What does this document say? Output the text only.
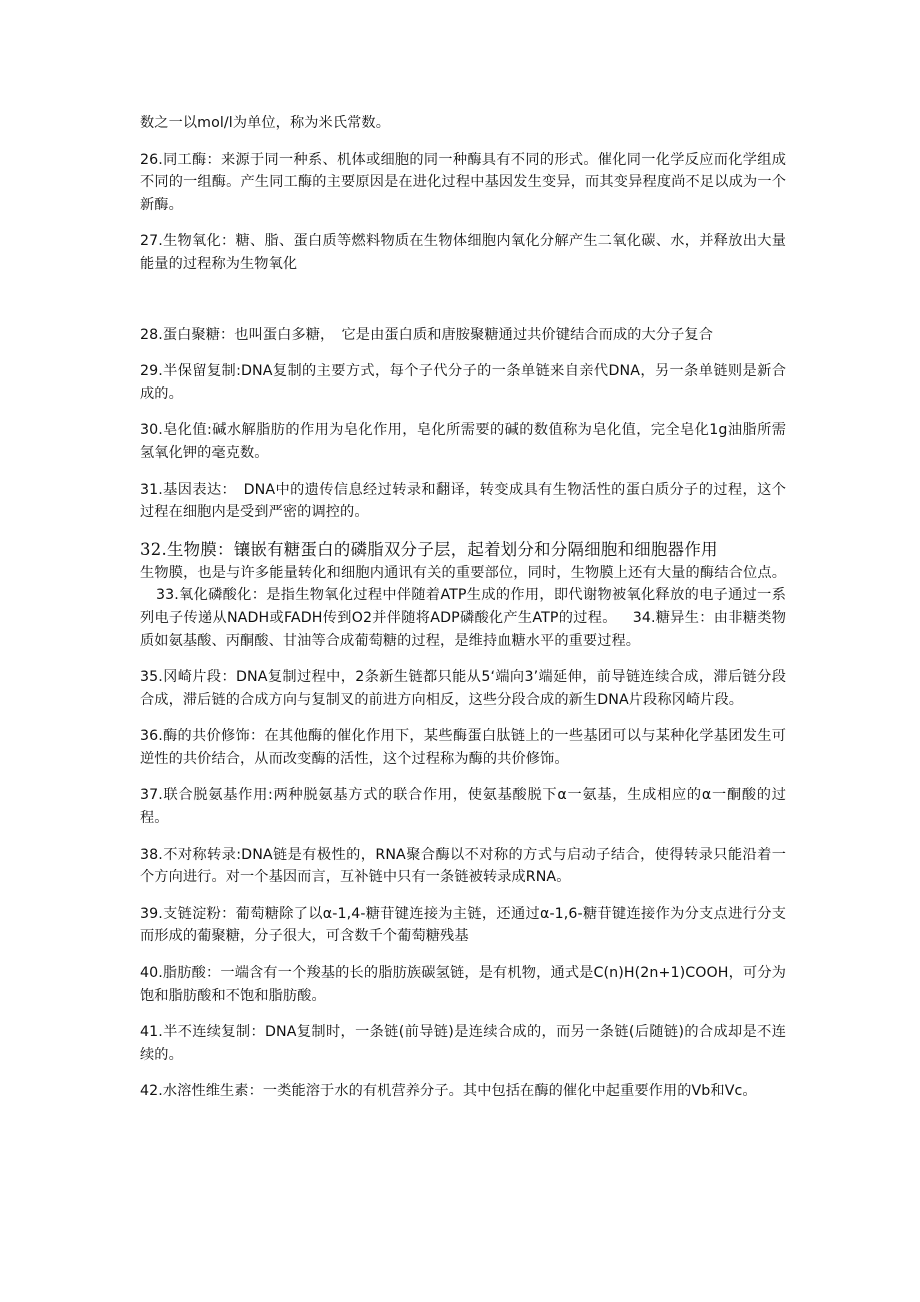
数之一以mol/l为单位，称为米氏常数。

26.同工酶：来源于同一种系、机体或细胞的同一种酶具有不同的形式。催化同一化学反应而化学组成不同的一组酶。产生同工酶的主要原因是在进化过程中基因发生变异，而其变异程度尚不足以成为一个新酶。

27.生物氧化：糖、脂、蛋白质等燃料物质在生物体细胞内氧化分解产生二氧化碳、水，并释放出大量能量的过程称为生物氧化

28.蛋白聚糖：也叫蛋白多糖，　它是由蛋白质和唐胺聚糖通过共价键结合而成的大分子复合

29.半保留复制:DNA复制的主要方式，每个子代分子的一条单链来自亲代DNA，另一条单链则是新合成的。

30.皂化值:碱水解脂肪的作用为皂化作用，皂化所需要的碱的数值称为皂化值，完全皂化1g油脂所需氢氧化钾的毫克数。

31.基因表达：　DNA中的遗传信息经过转录和翻译，转变成具有生物活性的蛋白质分子的过程，这个过程在细胞内是受到严密的调控的。

32.生物膜：镶嵌有糖蛋白的磷脂双分子层，起着划分和分隔细胞和细胞器作用
生物膜，也是与许多能量转化和细胞内通讯有关的重要部位，同时，生物膜上还有大量的酶结合位点。33.氧化磷酸化：是指生物氧化过程中伴随着ATP生成的作用，即代谢物被氧化释放的电子通过一系列电子传递从NADH或FADH传到O2并伴随将ADP磷酸化产生ATP的过程。 34.糖异生：由非糖类物质如氨基酸、丙酮酸、甘油等合成葡萄糖的过程，是维持血糖水平的重要过程。

35.冈崎片段：DNA复制过程中，2条新生链都只能从5‘端向3’端延伸，前导链连续合成，滞后链分段合成，滞后链的合成方向与复制叉的前进方向相反，这些分段合成的新生DNA片段称冈崎片段。

36.酶的共价修饰：在其他酶的催化作用下，某些酶蛋白肽链上的一些基团可以与某种化学基团发生可逆性的共价结合，从而改变酶的活性，这个过程称为酶的共价修饰。

37.联合脱氨基作用:两种脱氨基方式的联合作用，使氨基酸脱下α一氨基，生成相应的α一酮酸的过程。

38.不对称转录:DNA链是有极性的，RNA聚合酶以不对称的方式与启动子结合，使得转录只能沿着一个方向进行。对一个基因而言，互补链中只有一条链被转录成RNA。

39.支链淀粉：葡萄糖除了以α-1,4-糖苷键连接为主链，还通过α-1,6-糖苷键连接作为分支点进行分支而形成的葡聚糖，分子很大，可含数千个葡萄糖残基

40.脂肪酸：一端含有一个羧基的长的脂肪族碳氢链，是有机物，通式是C(n)H(2n+1)COOH，可分为饱和脂肪酸和不饱和脂肪酸。

41.半不连续复制：DNA复制时，一条链(前导链)是连续合成的，而另一条链(后随链)的合成却是不连续的。

42.水溶性维生素：一类能溶于水的有机营养分子。其中包括在酶的催化中起重要作用的Vb和Vc。
